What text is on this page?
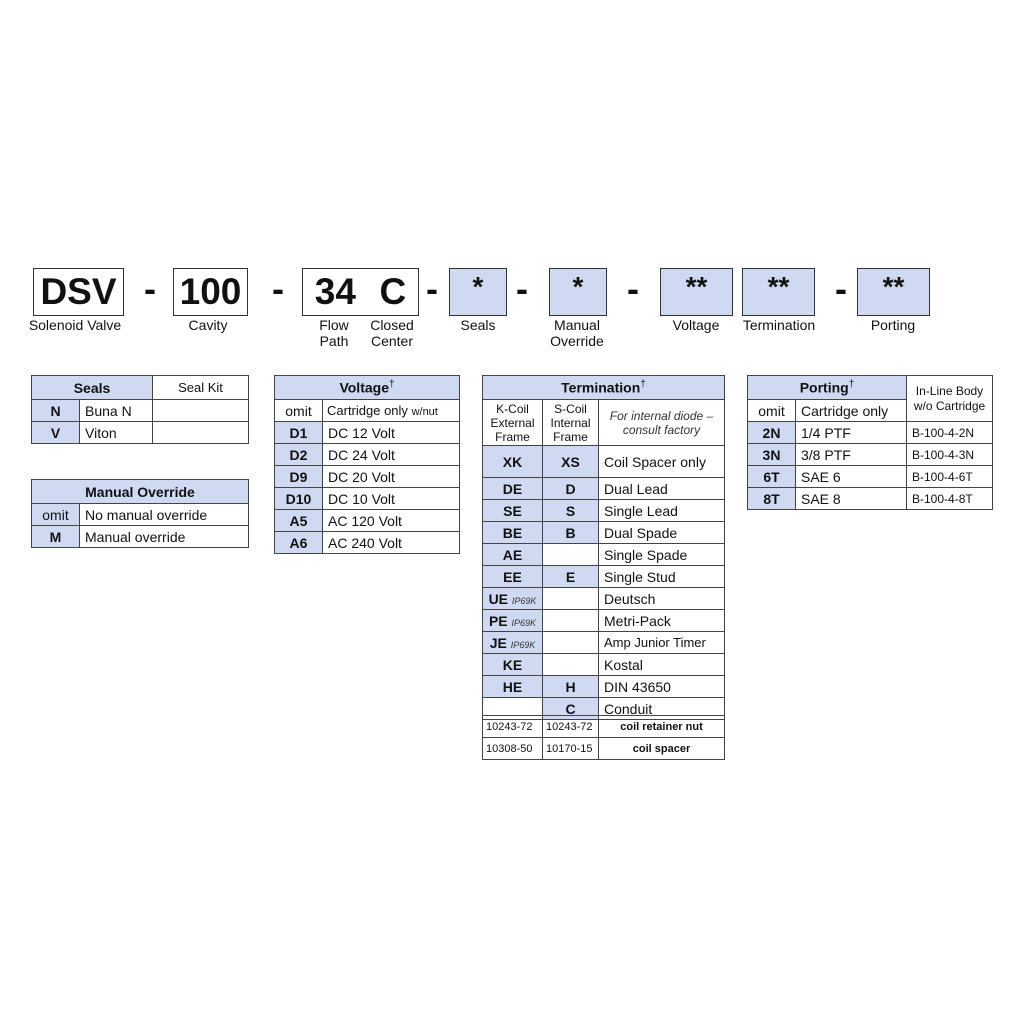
DSV - 100 - 34 C -	* -	*	-	**	**	-	**
Solenoid Valve	Cavity	Flow Path
Closed Center
Seals	Manual Override
Voltage	Termination	Porting
Seals		Seal Kit
N	Buna N	
V	Viton	
Manual Override	
omit	No manual override
M	Manual override
Voltage†
omit	Cartridge only w/nut
D1	DC 12 Volt
D2	DC 24 Volt
D9	DC 20 Volt
D10	DC 10 Volt
A5	AC 120 Volt
A6	AC 240 Volt
Termination†
K-Coil External Frame	S-Coil Internal Frame	For internal diode – consult factory
XK	XS	Coil Spacer only
DE	D	Dual Lead
SE	S	Single Lead
BE	B	Dual Spade
AE		Single Spade
EE	E	Single Stud
UE IP69K		Deutsch
PE IP69K		Metri-Pack
JE IP69K		Amp Junior Timer
KE		Kostal
HE	H	DIN 43650
	C	Conduit
10243-72	10243-72	coil retainer nut
10308-50	10170-15	coil spacer
Porting†		In-Line Body w/o Cartridge
omit	Cartridge only	
2N	1/4 PTF	B-100-4-2N
3N	3/8 PTF	B-100-4-3N
6T	SAE 6	B-100-4-6T
8T	SAE 8	B-100-4-8T
